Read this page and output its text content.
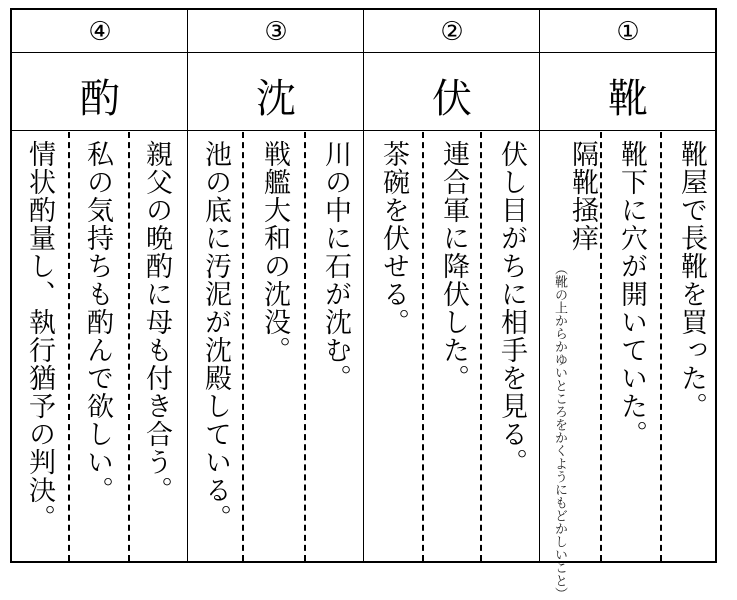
④
酌
親父の晩酌に母も付き合う。
私の気持ちも酌んで欲しい。
情状酌量し、執行猶予の判決。
③
沈
川の中に石が沈む。
戦艦大和の沈没。
池の底に汚泥が沈殿している。
②
伏
伏し目がちに相手を見る。
連合軍に降伏した。
茶碗を伏せる。
①
靴
靴屋で長靴を買った。
靴下に穴が開いていた。
隔靴掻痒
（靴の上からかゆいところをかくようにもどかしいこと）
